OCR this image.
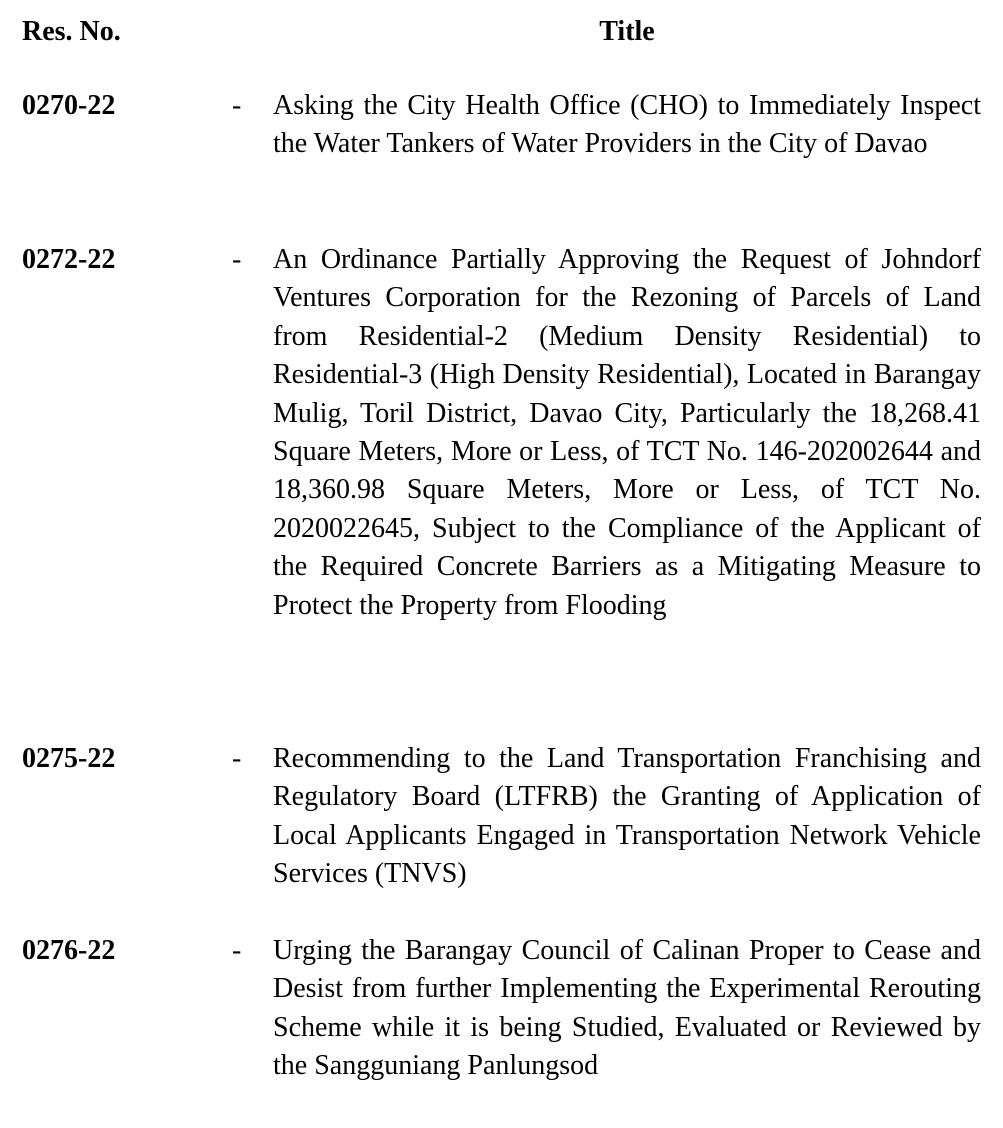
Res. No.	Title
0270-22	- Asking the City Health Office (CHO) to Immediately Inspect the Water Tankers of Water Providers in the City of Davao
0272-22	- An Ordinance Partially Approving the Request of Johndorf Ventures Corporation for the Rezoning of Parcels of Land from Residential-2 (Medium Density Residential) to Residential-3 (High Density Residential), Located in Barangay Mulig, Toril District, Davao City, Particularly the 18,268.41 Square Meters, More or Less, of TCT No. 146-202002644 and 18,360.98 Square Meters, More or Less, of TCT No. 2020022645, Subject to the Compliance of the Applicant of the Required Concrete Barriers as a Mitigating Measure to Protect the Property from Flooding
0275-22	- Recommending to the Land Transportation Franchising and Regulatory Board (LTFRB) the Granting of Application of Local Applicants Engaged in Transportation Network Vehicle Services (TNVS)
0276-22	- Urging the Barangay Council of Calinan Proper to Cease and Desist from further Implementing the Experimental Rerouting Scheme while it is being Studied, Evaluated or Reviewed by the Sangguniang Panlungsod
